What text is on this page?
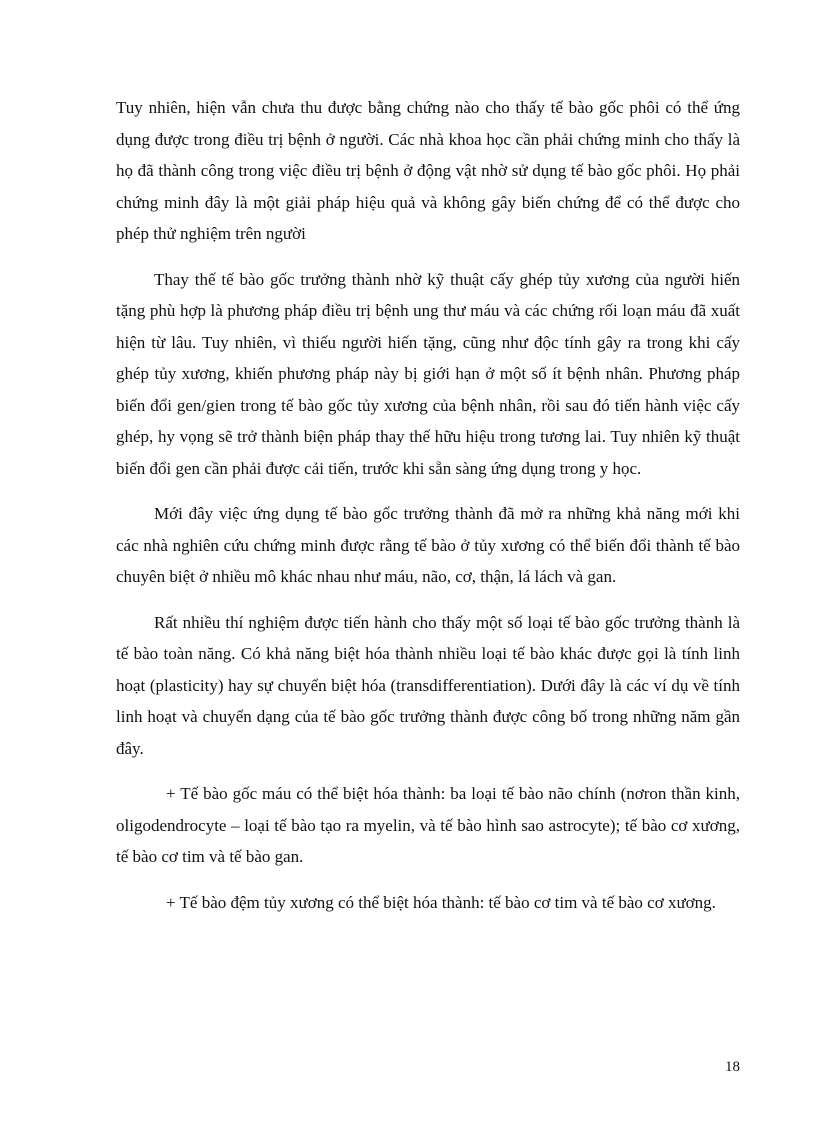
Tuy nhiên, hiện vẫn chưa thu được bằng chứng nào cho thấy tế bào gốc phôi có thể ứng dụng được trong điều trị bệnh ở người. Các nhà khoa học cần phải chứng minh cho thấy là họ đã thành công trong việc điều trị bệnh ở động vật nhờ sử dụng tế bào gốc phôi. Họ phải chứng minh đây là một giải pháp hiệu quả và không gây biến chứng để có thể được cho phép thử nghiệm trên người

Thay thế tế bào gốc trưởng thành nhờ kỹ thuật cấy ghép tủy xương của người hiến tặng phù hợp là phương pháp điều trị bệnh ung thư máu và các chứng rối loạn máu đã xuất hiện từ lâu. Tuy nhiên, vì thiếu người hiến tặng, cũng như độc tính gây ra trong khi cấy ghép tủy xương, khiến phương pháp này bị giới hạn ở một số ít bệnh nhân. Phương pháp biến đổi gen/gien trong tế bào gốc tủy xương của bệnh nhân, rồi sau đó tiến hành việc cấy ghép, hy vọng sẽ trở thành biện pháp thay thế hữu hiệu trong tương lai. Tuy nhiên kỹ thuật biến đổi gen cần phải được cải tiến, trước khi sẵn sàng ứng dụng trong y học.

Mới đây việc ứng dụng tế bào gốc trưởng thành đã mở ra những khả năng mới khi các nhà nghiên cứu chứng minh được rằng tế bào ở tủy xương có thể biến đổi thành tế bào chuyên biệt ở nhiều mô khác nhau như máu, não, cơ, thận, lá lách và gan.

Rất nhiều thí nghiệm được tiến hành cho thấy một số loại tế bào gốc trưởng thành là tế bào toàn năng. Có khả năng biệt hóa thành nhiều loại tế bào khác được gọi là tính linh hoạt (plasticity) hay sự chuyển biệt hóa (transdifferentiation). Dưới đây là các ví dụ về tính linh hoạt và chuyển dạng của tế bào gốc trưởng thành được công bố trong những năm gần đây.

+ Tế bào gốc máu có thể biệt hóa thành: ba loại tế bào não chính (nơron thần kinh, oligodendrocyte – loại tế bào tạo ra myelin, và tế bào hình sao astrocyte); tế bào cơ xương, tế bào cơ tim và tế bào gan.

+ Tế bào đệm tủy xương có thể biệt hóa thành: tế bào cơ tim và tế bào cơ xương.

18
